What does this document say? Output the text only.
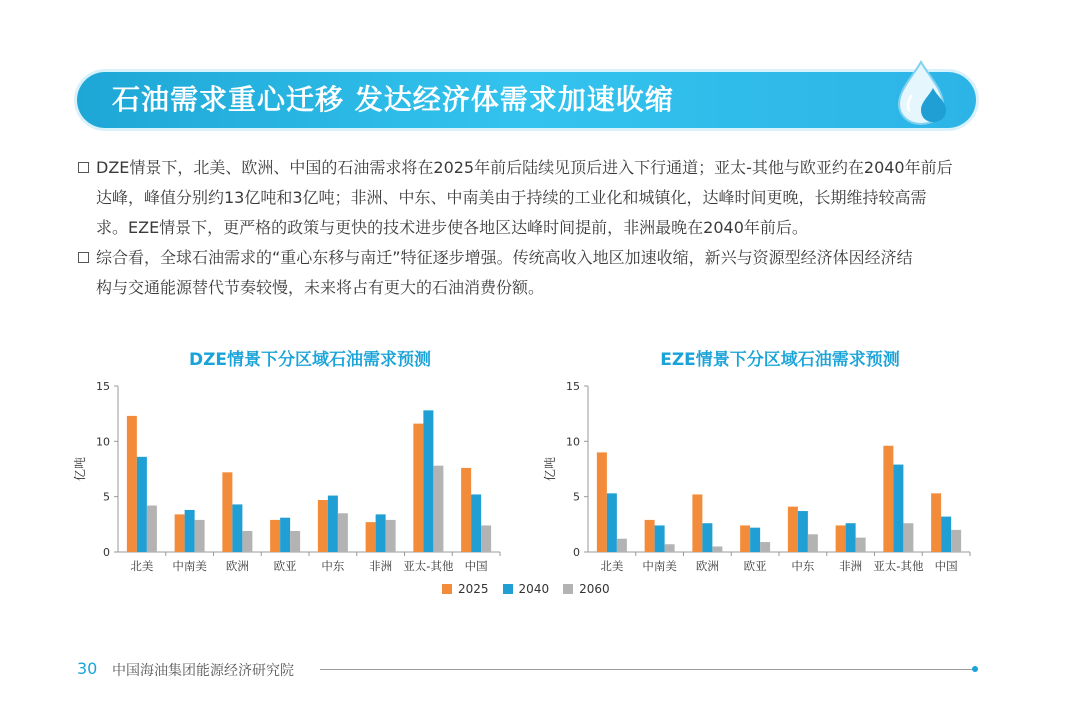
石油需求重心迁移 发达经济体需求加速收缩
DZE情景下，北美、欧洲、中国的石油需求将在2025年前后陆续见顶后进入下行通道；亚太-其他与欧亚约在2040年前后
达峰，峰值分别约13亿吨和3亿吨；非洲、中东、中南美由于持续的工业化和城镇化，达峰时间更晚，长期维持较高需
求。EZE情景下，更严格的政策与更快的技术进步使各地区达峰时间提前，非洲最晚在2040年前后。
综合看，全球石油需求的“重心东移与南迁”特征逐步增强。传统高收入地区加速收缩，新兴与资源型经济体因经济结
构与交通能源替代节奏较慢，未来将占有更大的石油消费份额。
DZE情景下分区域石油需求预测	EZE情景下分区域石油需求预测
0
5
10
15
亿吨
北美 中南美 欧洲 欧亚 中东 非洲 亚太-其他 中国
0
5
10
15
亿吨
北美 中南美 欧洲 欧亚 中东 非洲 亚太-其他 中国
2025	2040	2060
30 中国海油集团能源经济研究院
